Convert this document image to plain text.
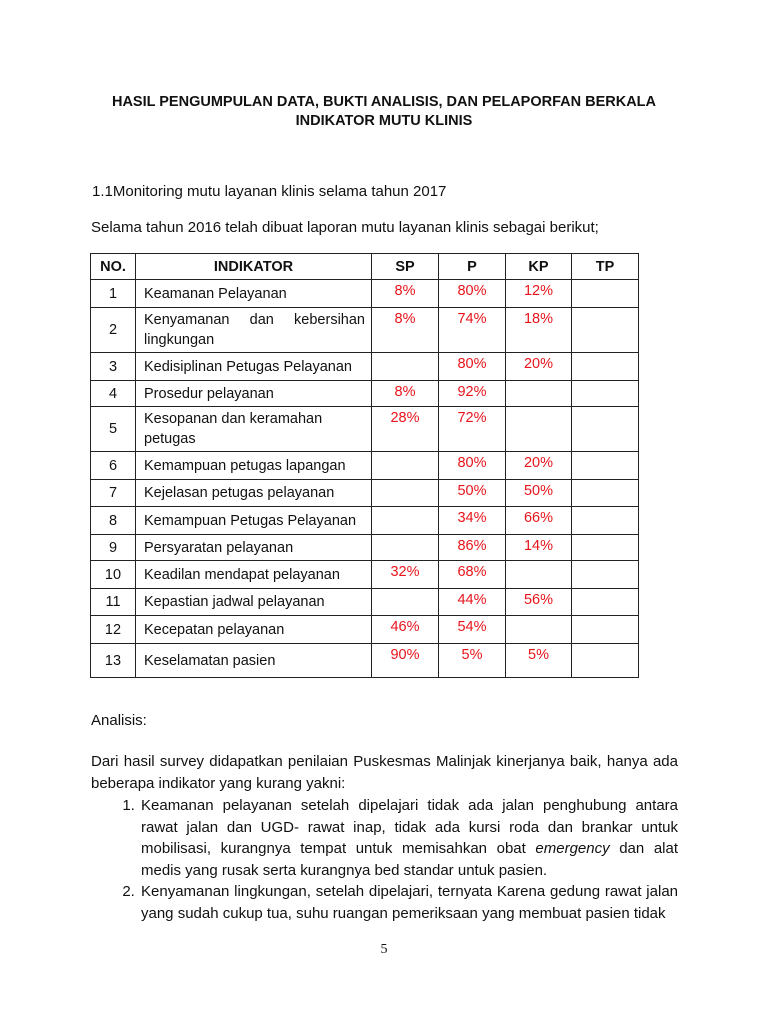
HASIL PENGUMPULAN DATA, BUKTI ANALISIS, DAN PELAPORFAN BERKALA
INDIKATOR MUTU KLINIS
1.1Monitoring mutu layanan klinis selama tahun 2017
Selama tahun 2016 telah dibuat laporan mutu layanan klinis sebagai berikut;
NO.	INDIKATOR	SP	P	KP	TP
1	Keamanan Pelayanan	8%	80%	12%	
2	Kenyamanan dan kebersihan lingkungan	8%	74%	18%	
3	Kedisiplinan Petugas Pelayanan		80%	20%	
4	Prosedur pelayanan	8%	92%		
5	Kesopanan dan keramahan petugas	28%	72%		
6	Kemampuan petugas lapangan		80%	20%	
7	Kejelasan petugas pelayanan		50%	50%	
8	Kemampuan Petugas Pelayanan		34%	66%	
9	Persyaratan pelayanan		86%	14%	
10	Keadilan mendapat pelayanan	32%	68%		
11	Kepastian jadwal pelayanan		44%	56%	
12	Kecepatan pelayanan	46%	54%		
13	Keselamatan pasien	90%	5%	5%	
Analisis:
Dari hasil survey didapatkan penilaian Puskesmas Malinjak kinerjanya baik, hanya ada beberapa indikator yang kurang yakni:
1. Keamanan pelayanan setelah dipelajari tidak ada jalan penghubung antara rawat jalan dan UGD- rawat inap, tidak ada kursi roda dan brankar untuk mobilisasi, kurangnya tempat untuk memisahkan obat emergency dan alat medis yang rusak serta kurangnya bed standar untuk pasien.
2. Kenyamanan lingkungan, setelah dipelajari, ternyata Karena gedung rawat jalan yang sudah cukup tua, suhu ruangan pemeriksaan yang membuat pasien tidak
5
